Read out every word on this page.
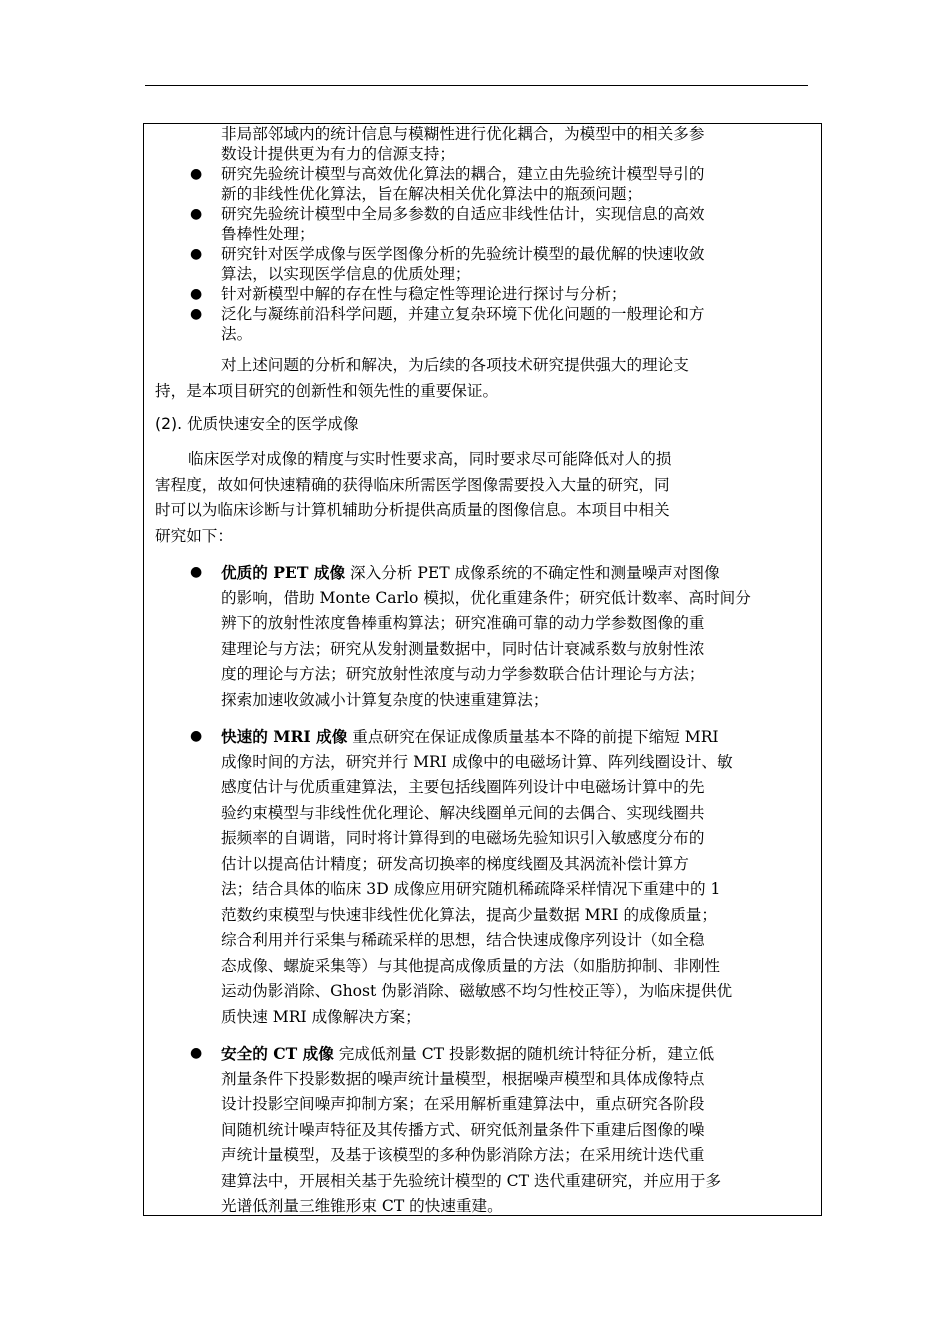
非局部邻域内的统计信息与模糊性进行优化耦合，为模型中的相关多参
数设计提供更为有力的信源支持；
● 研究先验统计模型与高效优化算法的耦合，建立由先验统计模型导引的
新的非线性优化算法，旨在解决相关优化算法中的瓶颈问题；
● 研究先验统计模型中全局多参数的自适应非线性估计，实现信息的高效
鲁棒性处理；
● 研究针对医学成像与医学图像分析的先验统计模型的最优解的快速收敛
算法，以实现医学信息的优质处理；
● 针对新模型中解的存在性与稳定性等理论进行探讨与分析；
● 泛化与凝练前沿科学问题，并建立复杂环境下优化问题的一般理论和方
法。
对上述问题的分析和解决，为后续的各项技术研究提供强大的理论支
持，是本项目研究的创新性和领先性的重要保证。
(2). 优质快速安全的医学成像
临床医学对成像的精度与实时性要求高，同时要求尽可能降低对人的损
害程度，故如何快速精确的获得临床所需医学图像需要投入大量的研究，同
时可以为临床诊断与计算机辅助分析提供高质量的图像信息。本项目中相关
研究如下：
● 优质的 PET 成像 深入分析 PET 成像系统的不确定性和测量噪声对图像
的影响，借助 Monte Carlo 模拟，优化重建条件；研究低计数率、高时间分
辨下的放射性浓度鲁棒重构算法；研究准确可靠的动力学参数图像的重
建理论与方法；研究从发射测量数据中，同时估计衰减系数与放射性浓
度的理论与方法；研究放射性浓度与动力学参数联合估计理论与方法；
探索加速收敛减小计算复杂度的快速重建算法；
● 快速的 MRI 成像 重点研究在保证成像质量基本不降的前提下缩短 MRI
成像时间的方法，研究并行 MRI 成像中的电磁场计算、阵列线圈设计、敏
感度估计与优质重建算法，主要包括线圈阵列设计中电磁场计算中的先
验约束模型与非线性优化理论、解决线圈单元间的去偶合、实现线圈共
振频率的自调谐，同时将计算得到的电磁场先验知识引入敏感度分布的
估计以提高估计精度；研发高切换率的梯度线圈及其涡流补偿计算方
法；结合具体的临床 3D 成像应用研究随机稀疏降采样情况下重建中的 1
范数约束模型与快速非线性优化算法，提高少量数据 MRI 的成像质量；
综合利用并行采集与稀疏采样的思想，结合快速成像序列设计（如全稳
态成像、螺旋采集等）与其他提高成像质量的方法（如脂肪抑制、非刚性
运动伪影消除、Ghost 伪影消除、磁敏感不均匀性校正等），为临床提供优
质快速 MRI 成像解决方案；
● 安全的 CT 成像 完成低剂量 CT 投影数据的随机统计特征分析，建立低
剂量条件下投影数据的噪声统计量模型，根据噪声模型和具体成像特点
设计投影空间噪声抑制方案；在采用解析重建算法中，重点研究各阶段
间随机统计噪声特征及其传播方式、研究低剂量条件下重建后图像的噪
声统计量模型，及基于该模型的多种伪影消除方法；在采用统计迭代重
建算法中，开展相关基于先验统计模型的 CT 迭代重建研究，并应用于多
光谱低剂量三维锥形束 CT 的快速重建。
